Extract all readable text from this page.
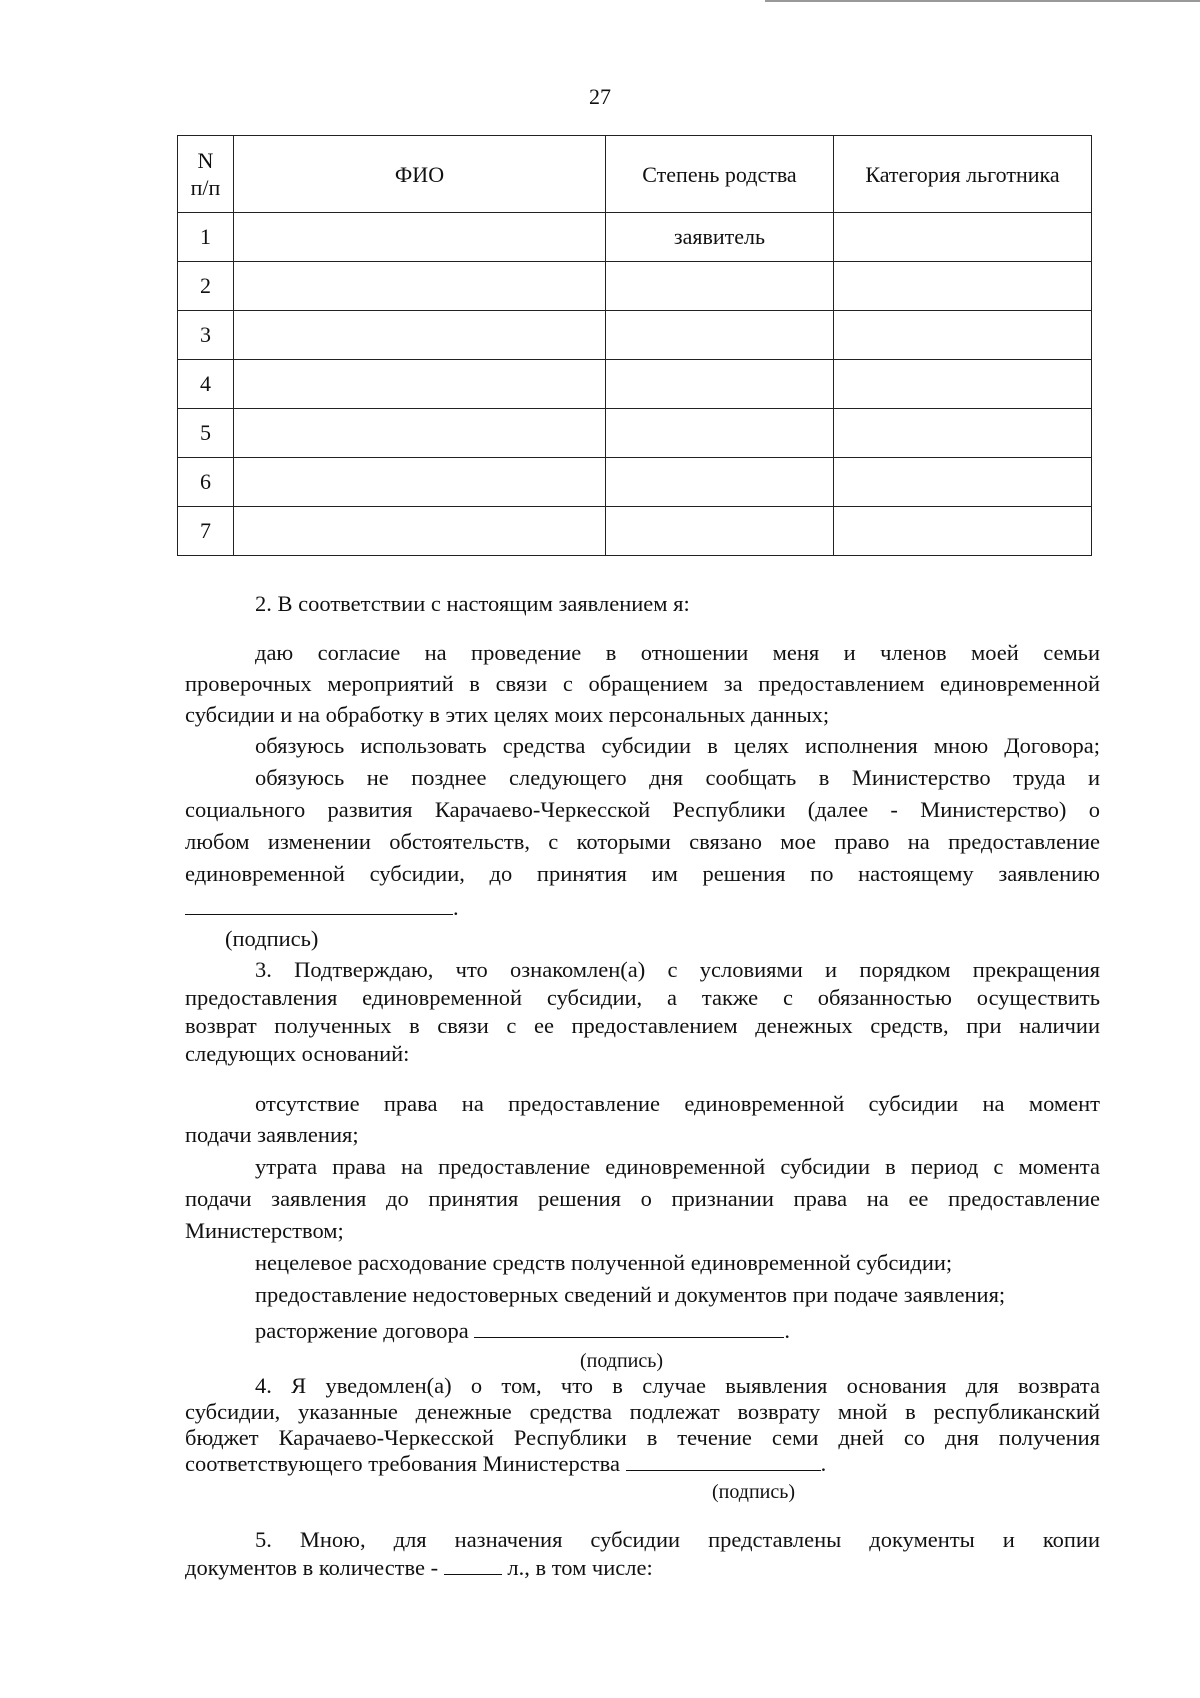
27
N
п/п	ФИО	Степень родства	Категория льготника
1		заявитель	
2			
3			
4			
5			
6			
7			
2. В соответствии с настоящим заявлением я:
даю согласие на проведение в отношении меня и членов моей семьи
проверочных мероприятий в связи с обращением за предоставлением единовременной
субсидии и на обработку в этих целях моих персональных данных;
обязуюсь использовать средства субсидии в целях исполнения мною Договора;
обязуюсь не позднее следующего дня сообщать в Министерство труда и
социального развития Карачаево-Черкесской Республики (далее - Министерство) о
любом изменении обстоятельств, с которыми связано мое право на предоставление
единовременной субсидии, до принятия им решения по настоящему заявлению
.
(подпись)
3. Подтверждаю, что ознакомлен(а) с условиями и порядком прекращения
предоставления единовременной субсидии, а также с обязанностью осуществить
возврат полученных в связи с ее предоставлением денежных средств, при наличии
следующих оснований:
отсутствие права на предоставление единовременной субсидии на момент
подачи заявления;
утрата права на предоставление единовременной субсидии в период с момента
подачи заявления до принятия решения о признании права на ее предоставление
Министерством;
нецелевое расходование средств полученной единовременной субсидии;
предоставление недостоверных сведений и документов при подаче заявления;
расторжение договора	.
(подпись)
4. Я уведомлен(а) о том, что в случае выявления основания для возврата
субсидии, указанные денежные средства подлежат возврату мной в республиканский
бюджет Карачаево-Черкесской Республики в течение семи дней со дня получения
соответствующего требования Министерства	.
(подпись)
5. Мною, для назначения субсидии представлены документы и копии
документов в количестве -	л., в том числе:
